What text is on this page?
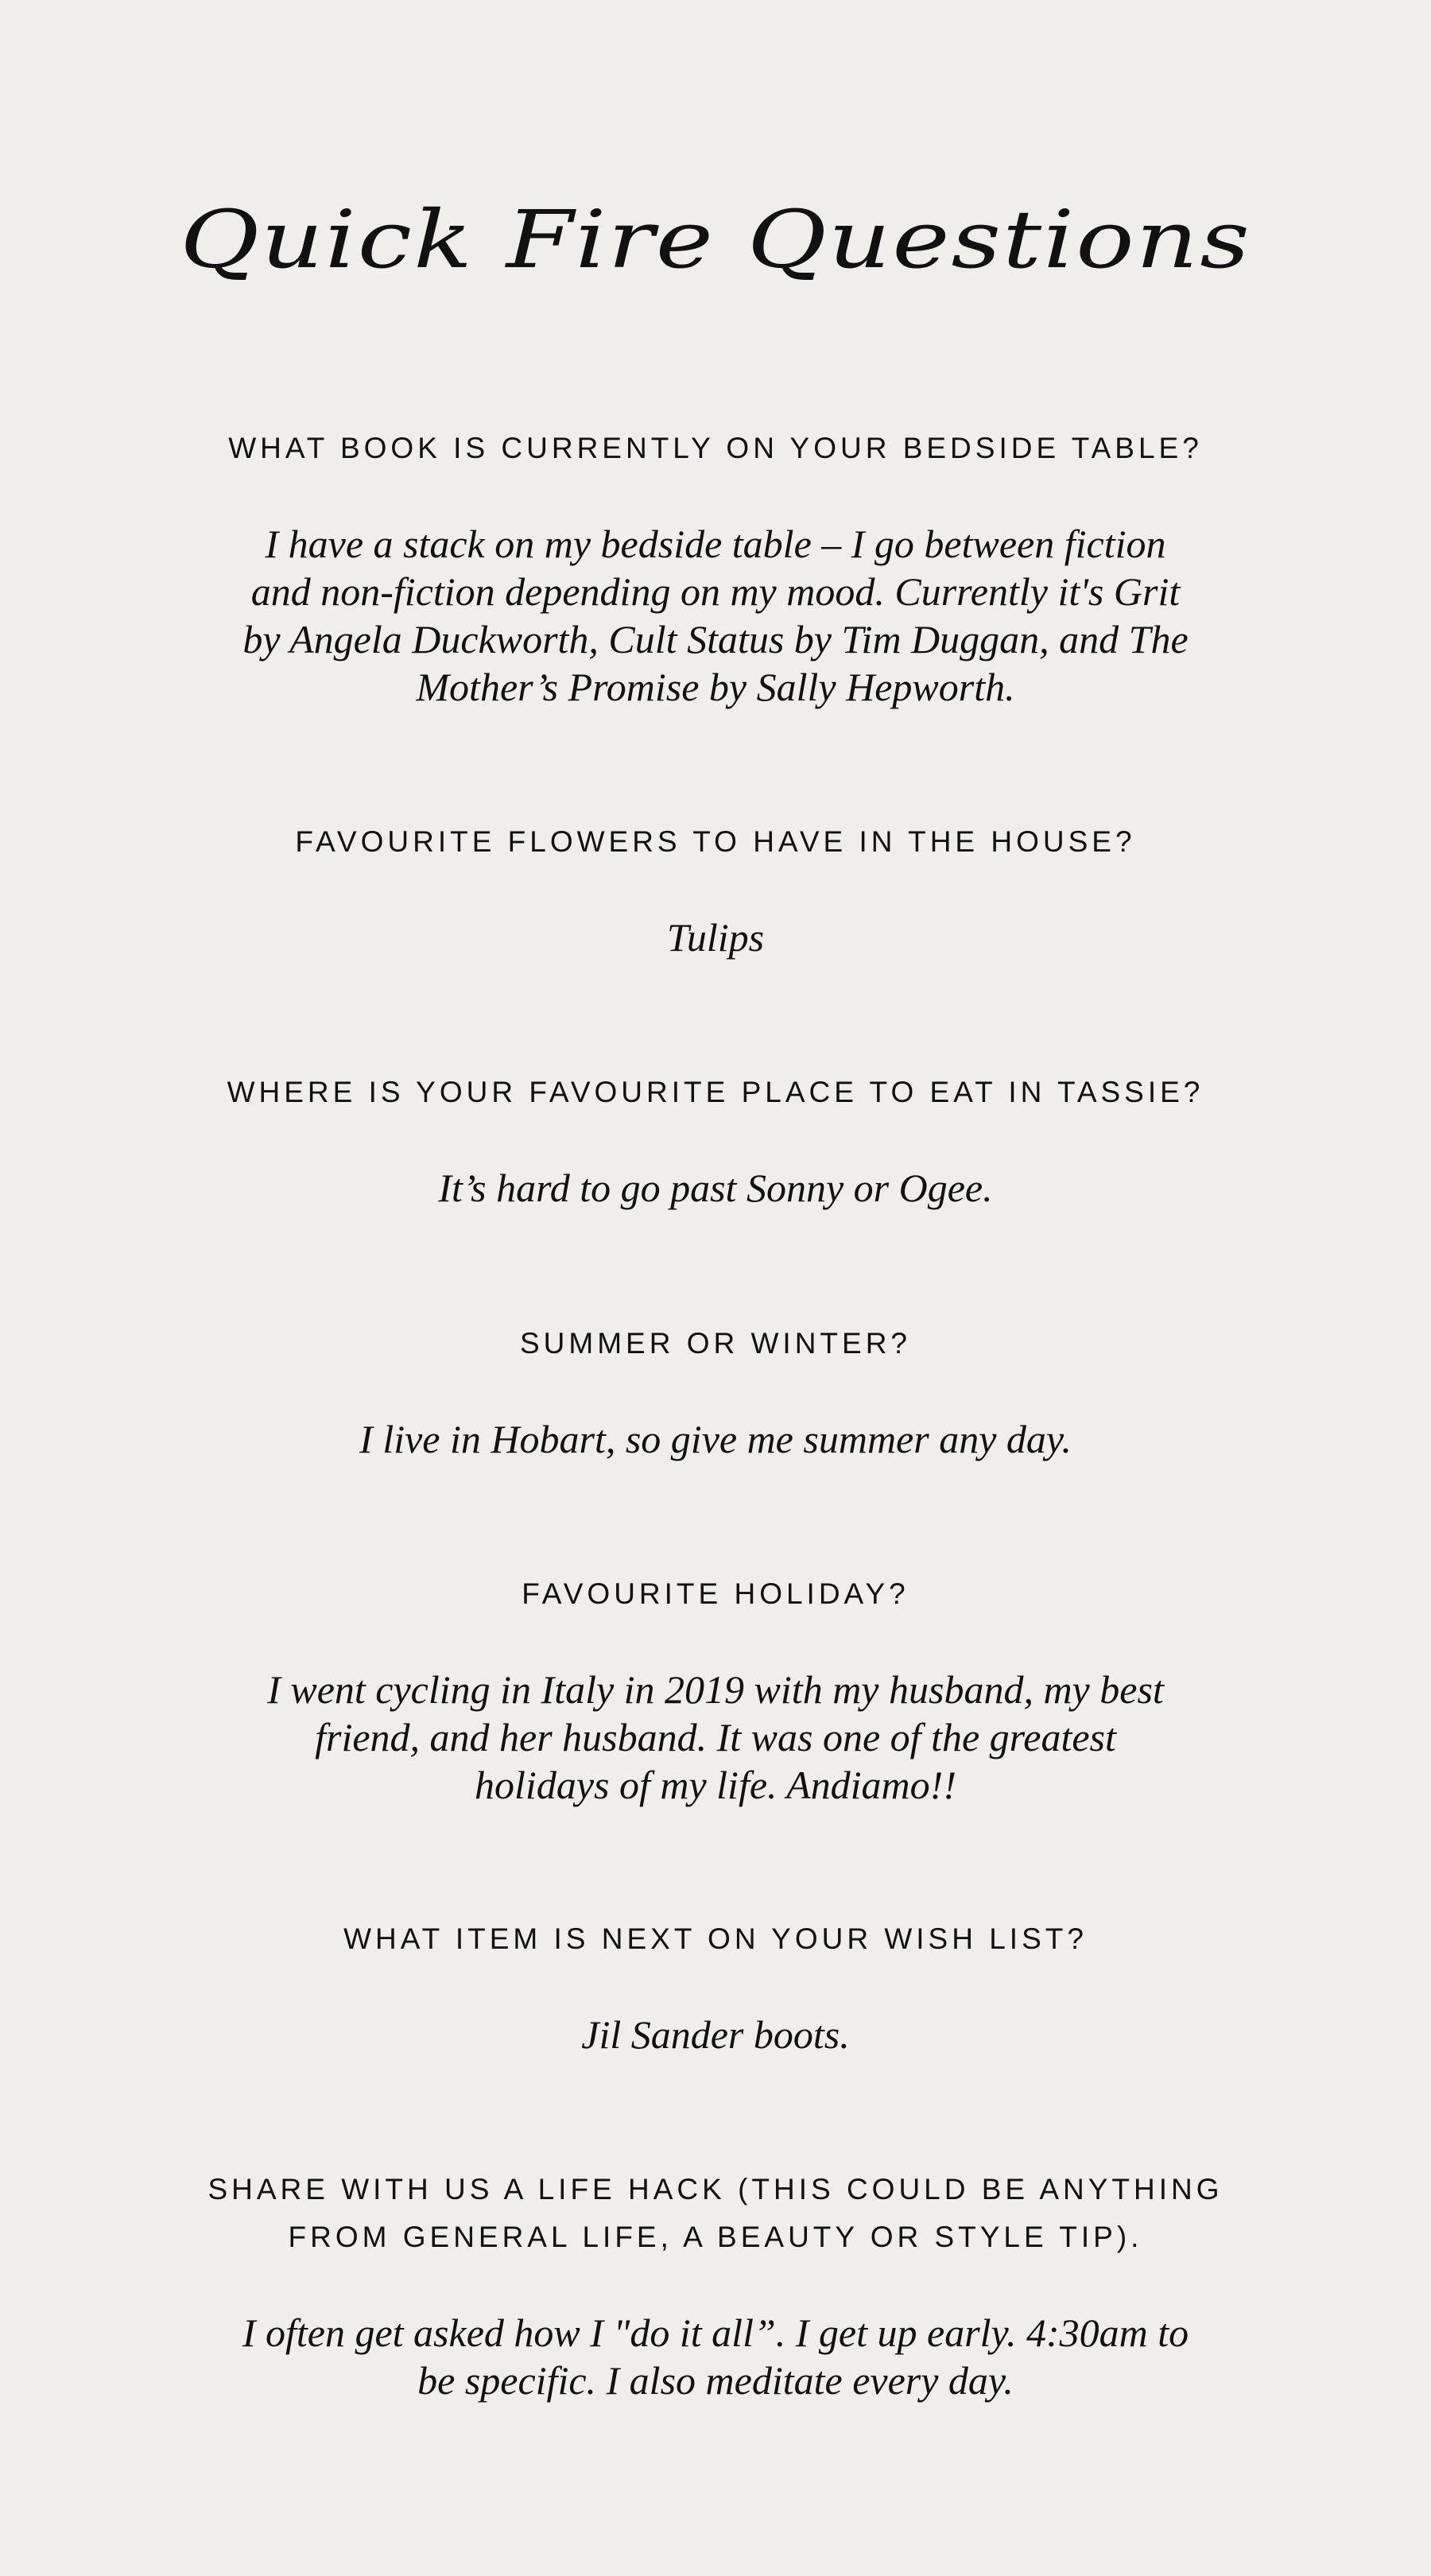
Quick Fire Questions

WHAT BOOK IS CURRENTLY ON YOUR BEDSIDE TABLE?

I have a stack on my bedside table – I go between fiction and non-fiction depending on my mood. Currently it's Grit by Angela Duckworth, Cult Status by Tim Duggan, and The Mother’s Promise by Sally Hepworth.

FAVOURITE FLOWERS TO HAVE IN THE HOUSE?

Tulips

WHERE IS YOUR FAVOURITE PLACE TO EAT IN TASSIE?

It’s hard to go past Sonny or Ogee.

SUMMER OR WINTER?

I live in Hobart, so give me summer any day.

FAVOURITE HOLIDAY?

I went cycling in Italy in 2019 with my husband, my best friend, and her husband. It was one of the greatest holidays of my life. Andiamo!!

WHAT ITEM IS NEXT ON YOUR WISH LIST?

Jil Sander boots.

SHARE WITH US A LIFE HACK (THIS COULD BE ANYTHING FROM GENERAL LIFE, A BEAUTY OR STYLE TIP).

I often get asked how I "do it all”. I get up early. 4:30am to be specific. I also meditate every day.
